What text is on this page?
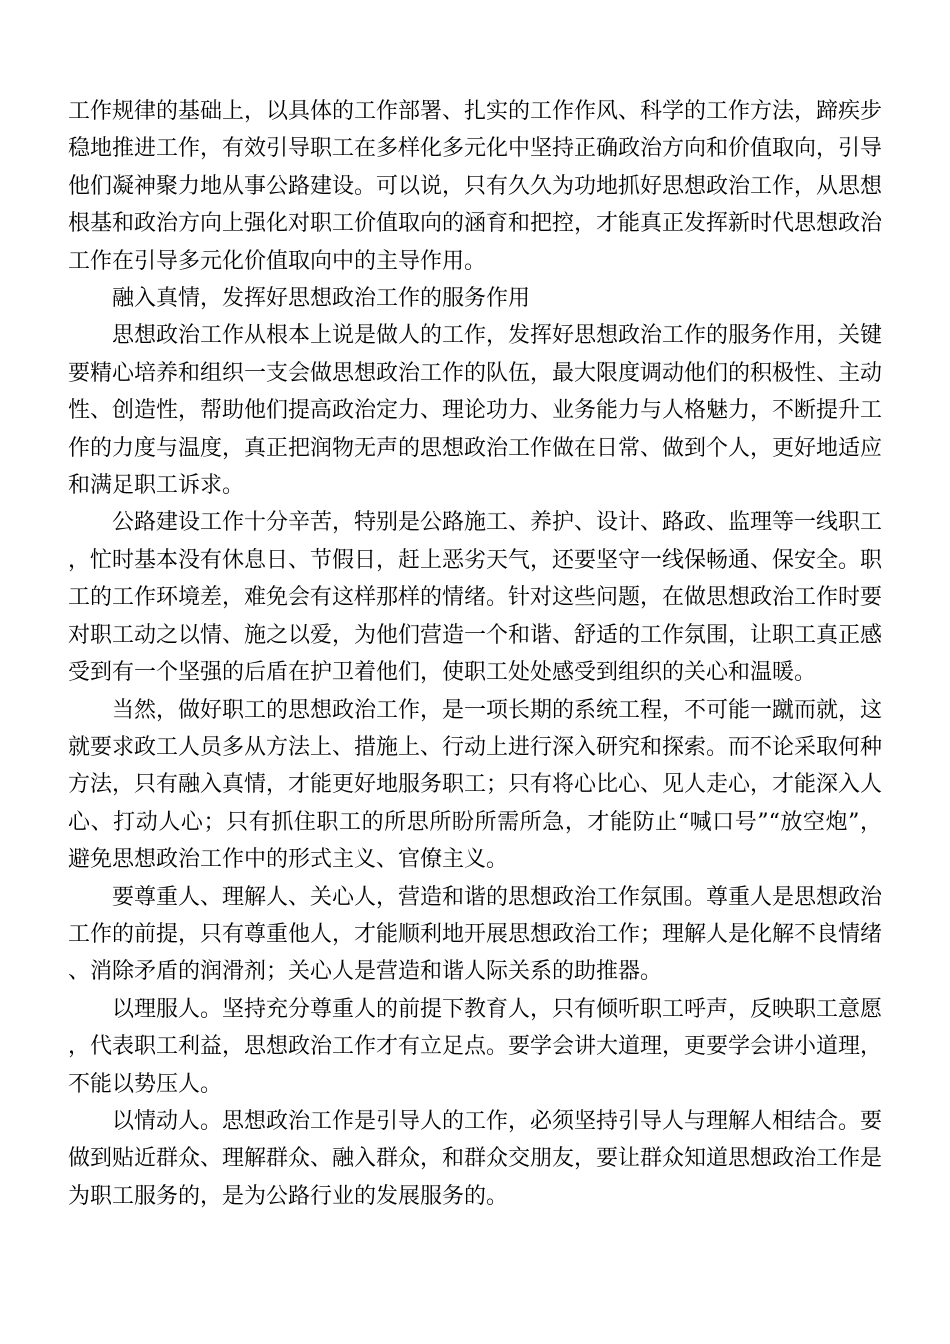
工作规律的基础上，以具体的工作部署、扎实的工作作风、科学的工作方法，蹄疾步稳地推进工作，有效引导职工在多样化多元化中坚持正确政治方向和价值取向，引导他们凝神聚力地从事公路建设。可以说，只有久久为功地抓好思想政治工作，从思想根基和政治方向上强化对职工价值取向的涵育和把控，才能真正发挥新时代思想政治工作在引导多元化价值取向中的主导作用。

融入真情，发挥好思想政治工作的服务作用

思想政治工作从根本上说是做人的工作，发挥好思想政治工作的服务作用，关键要精心培养和组织一支会做思想政治工作的队伍，最大限度调动他们的积极性、主动性、创造性，帮助他们提高政治定力、理论功力、业务能力与人格魅力，不断提升工作的力度与温度，真正把润物无声的思想政治工作做在日常、做到个人，更好地适应和满足职工诉求。

公路建设工作十分辛苦，特别是公路施工、养护、设计、路政、监理等一线职工，忙时基本没有休息日、节假日，赶上恶劣天气，还要坚守一线保畅通、保安全。职工的工作环境差，难免会有这样那样的情绪。针对这些问题，在做思想政治工作时要对职工动之以情、施之以爱，为他们营造一个和谐、舒适的工作氛围，让职工真正感受到有一个坚强的后盾在护卫着他们，使职工处处感受到组织的关心和温暖。

当然，做好职工的思想政治工作，是一项长期的系统工程，不可能一蹴而就，这就要求政工人员多从方法上、措施上、行动上进行深入研究和探索。而不论采取何种方法，只有融入真情，才能更好地服务职工；只有将心比心、见人走心，才能深入人心、打动人心；只有抓住职工的所思所盼所需所急，才能防止“喊口号”“放空炮”，避免思想政治工作中的形式主义、官僚主义。

要尊重人、理解人、关心人，营造和谐的思想政治工作氛围。尊重人是思想政治工作的前提，只有尊重他人，才能顺利地开展思想政治工作；理解人是化解不良情绪、消除矛盾的润滑剂；关心人是营造和谐人际关系的助推器。

以理服人。坚持充分尊重人的前提下教育人，只有倾听职工呼声，反映职工意愿，代表职工利益，思想政治工作才有立足点。要学会讲大道理，更要学会讲小道理，不能以势压人。

以情动人。思想政治工作是引导人的工作，必须坚持引导人与理解人相结合。要做到贴近群众、理解群众、融入群众，和群众交朋友，要让群众知道思想政治工作是为职工服务的，是为公路行业的发展服务的。
